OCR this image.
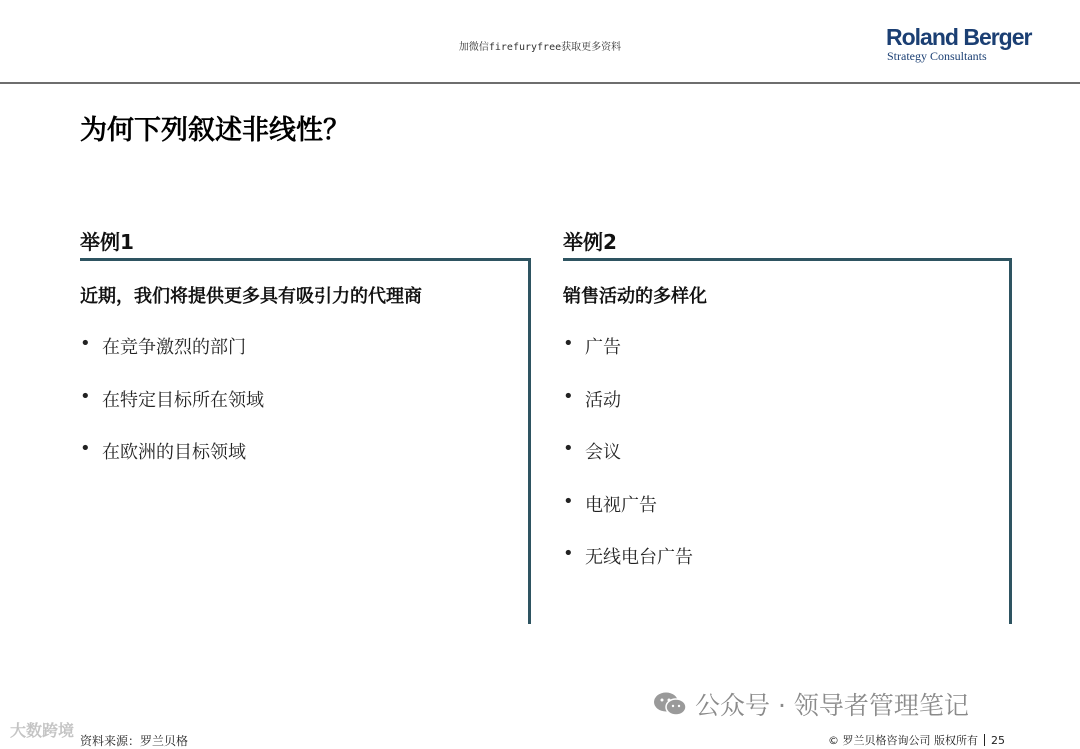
加微信firefuryfree获取更多资料	Roland Berger
Strategy Consultants
为何下列叙述非线性？
举例1
近期，我们将提供更多具有吸引力的代理商
• 在竞争激烈的部门
• 在特定目标所在领域
• 在欧洲的目标领域
举例2
销售活动的多样化
• 广告
• 活动
• 会议
• 电视广告
• 无线电台广告
公众号 · 领导者管理笔记
大数跨境
资料来源：罗兰贝格	© 罗兰贝格咨询公司 版权所有 25
